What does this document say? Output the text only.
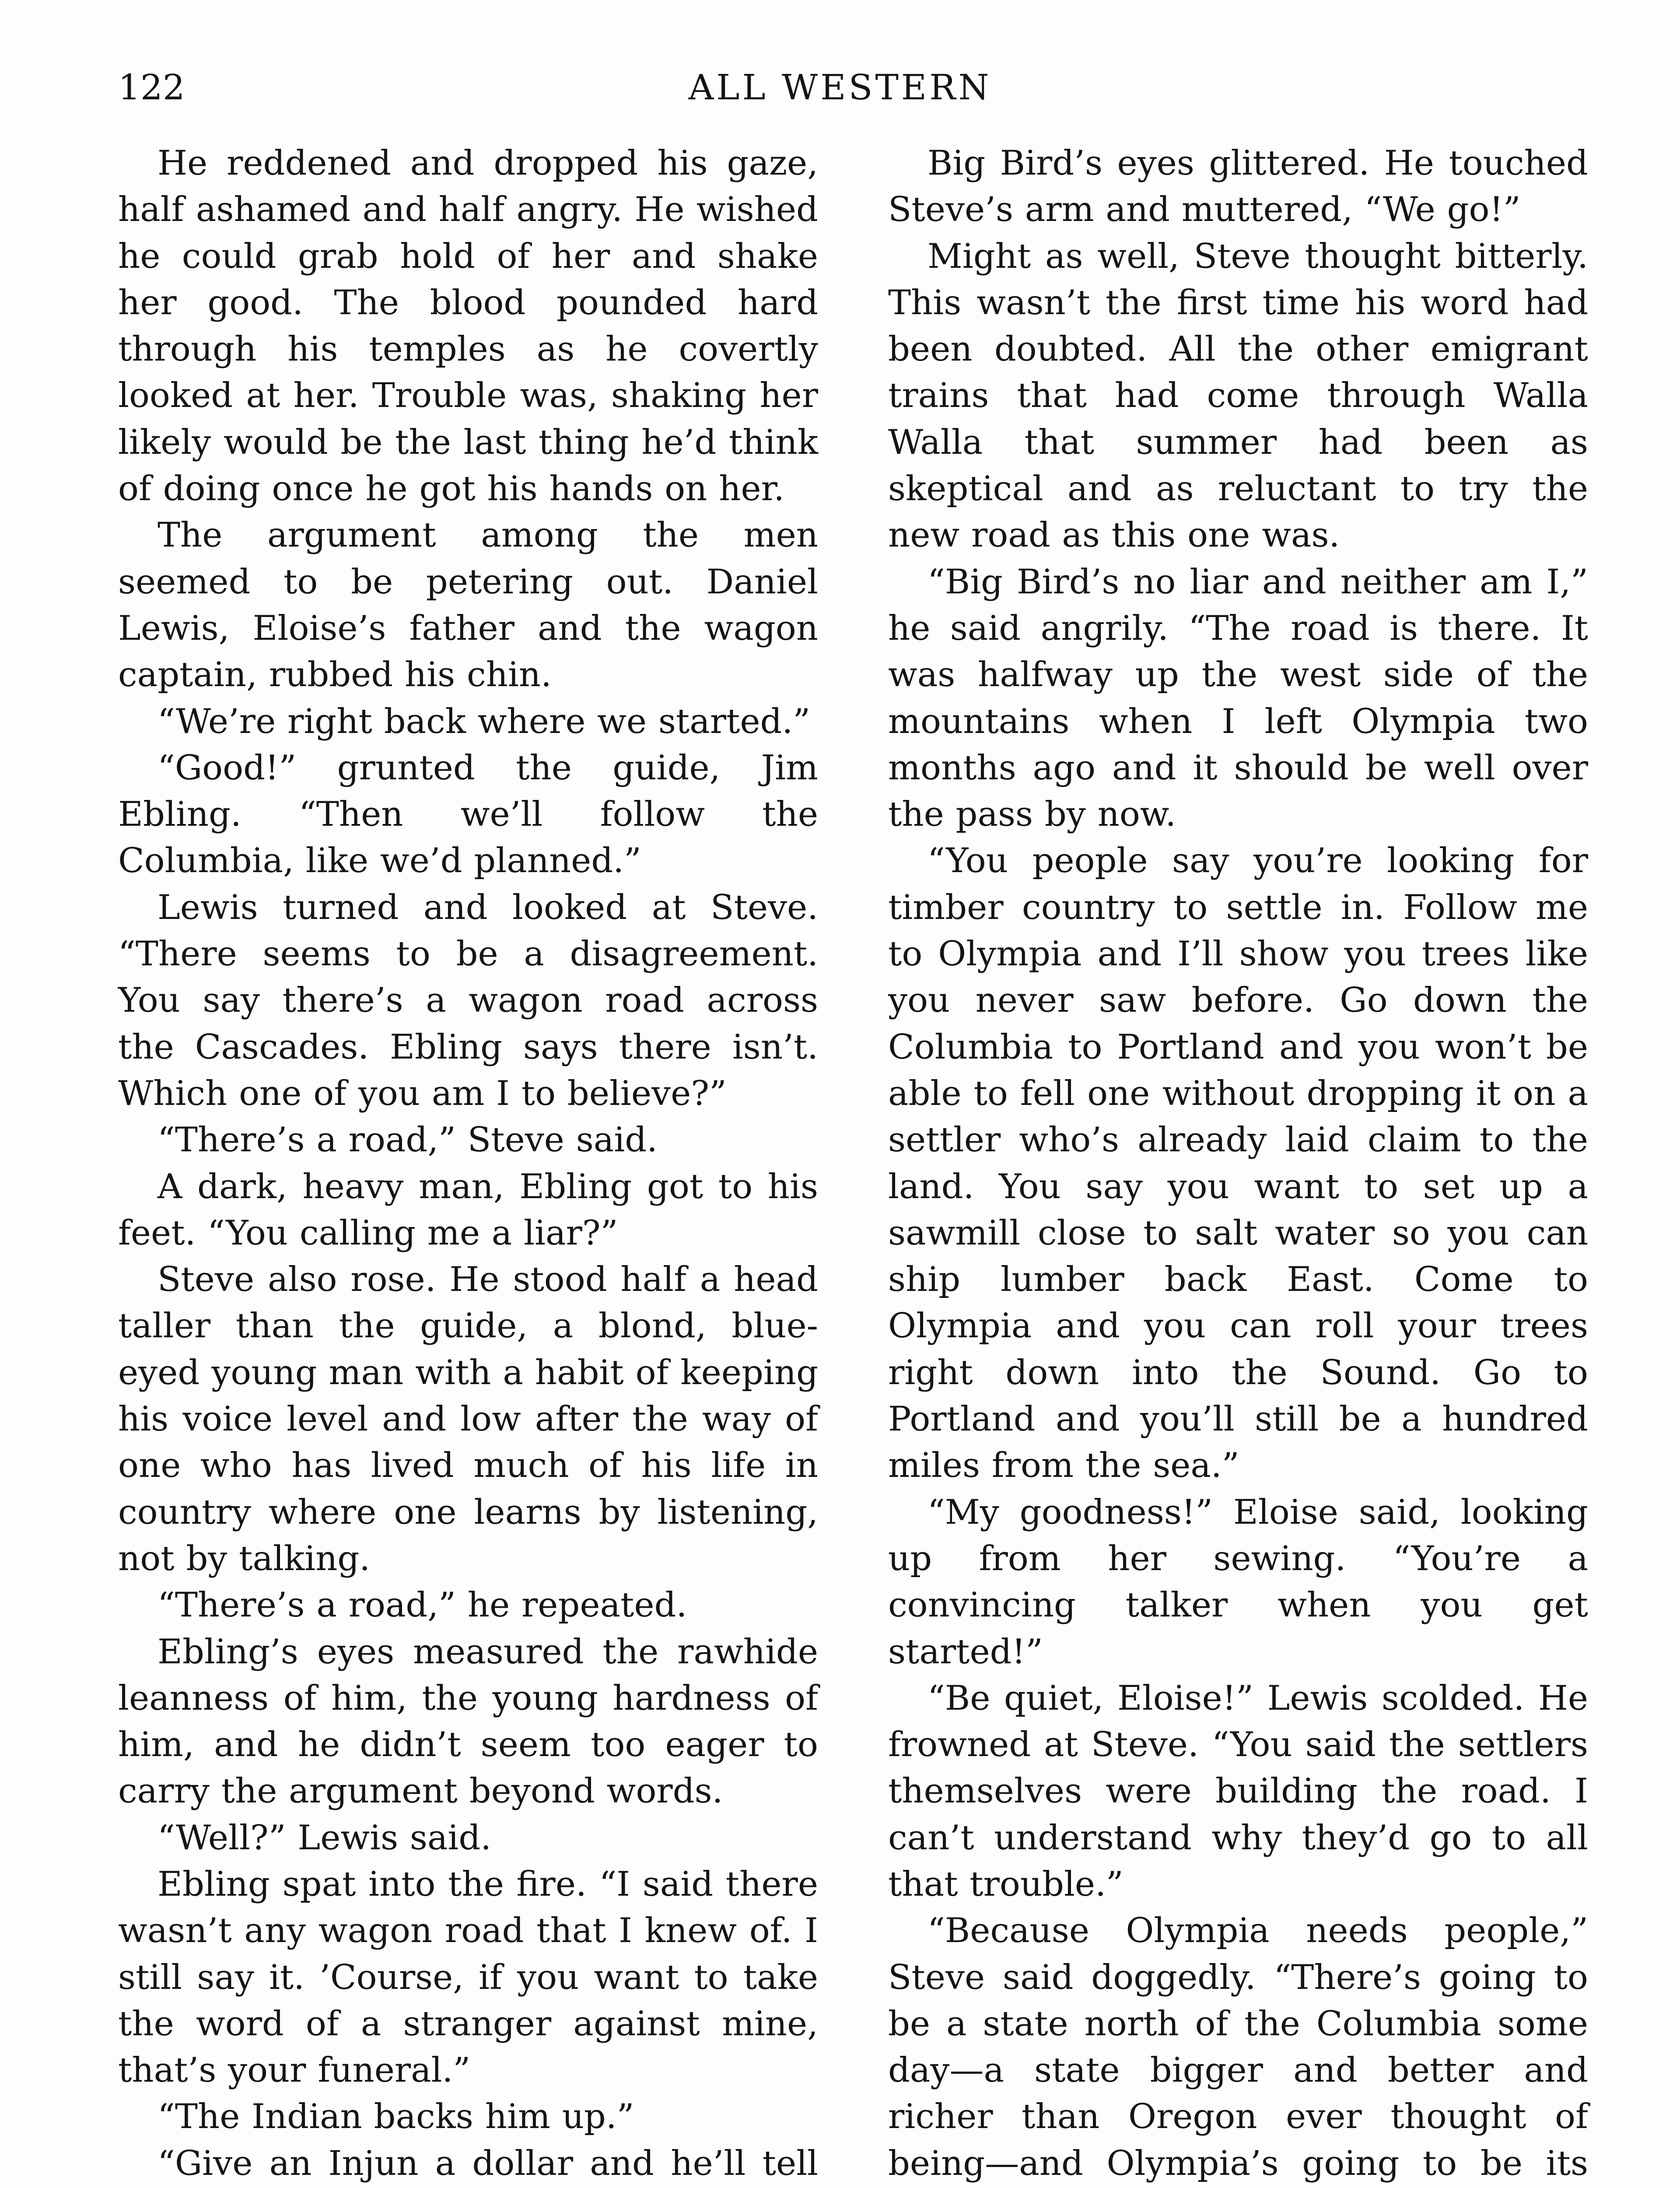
122	ALL WESTERN

He reddened and dropped his gaze, half ashamed and half angry. He wished he could grab hold of her and shake her good. The blood pounded hard through his temples as he covertly looked at her. Trouble was, shaking her likely would be the last thing he’d think of doing once he got his hands on her.

The argument among the men seemed to be petering out. Daniel Lewis, Eloise’s father and the wagon captain, rubbed his chin.

“We’re right back where we started.”

“Good!” grunted the guide, Jim Ebling. “Then we’ll follow the Columbia, like we’d planned.”

Lewis turned and looked at Steve. “There seems to be a disagreement. You say there’s a wagon road across the Cascades. Ebling says there isn’t. Which one of you am I to believe?”

“There’s a road,” Steve said.

A dark, heavy man, Ebling got to his feet. “You calling me a liar?”

Steve also rose. He stood half a head taller than the guide, a blond, blue-eyed young man with a habit of keeping his voice level and low after the way of one who has lived much of his life in country where one learns by listening, not by talking.

“There’s a road,” he repeated.

Ebling’s eyes measured the rawhide leanness of him, the young hardness of him, and he didn’t seem too eager to carry the argument beyond words.

“Well?” Lewis said.

Ebling spat into the fire. “I said there wasn’t any wagon road that I knew of. I still say it. ’Course, if you want to take the word of a stranger against mine, that’s your funeral.”

“The Indian backs him up.”

“Give an Injun a dollar and he’ll tell

Big Bird’s eyes glittered. He touched Steve’s arm and muttered, “We go!”

Might as well, Steve thought bitterly. This wasn’t the first time his word had been doubted. All the other emigrant trains that had come through Walla Walla that summer had been as skeptical and as reluctant to try the new road as this one was.

“Big Bird’s no liar and neither am I,” he said angrily. “The road is there. It was halfway up the west side of the mountains when I left Olympia two months ago and it should be well over the pass by now.

“You people say you’re looking for timber country to settle in. Follow me to Olympia and I’ll show you trees like you never saw before. Go down the Columbia to Portland and you won’t be able to fell one without dropping it on a settler who’s already laid claim to the land. You say you want to set up a sawmill close to salt water so you can ship lumber back East. Come to Olympia and you can roll your trees right down into the Sound. Go to Portland and you’ll still be a hundred miles from the sea.”

“My goodness!” Eloise said, looking up from her sewing. “You’re a convincing talker when you get started!”

“Be quiet, Eloise!” Lewis scolded. He frowned at Steve. “You said the settlers themselves were building the road. I can’t understand why they’d go to all that trouble.”

“Because Olympia needs people,” Steve said doggedly. “There’s going to be a state north of the Columbia some day—a state bigger and better and richer than Oregon ever thought of being—and Olympia’s going to be its
